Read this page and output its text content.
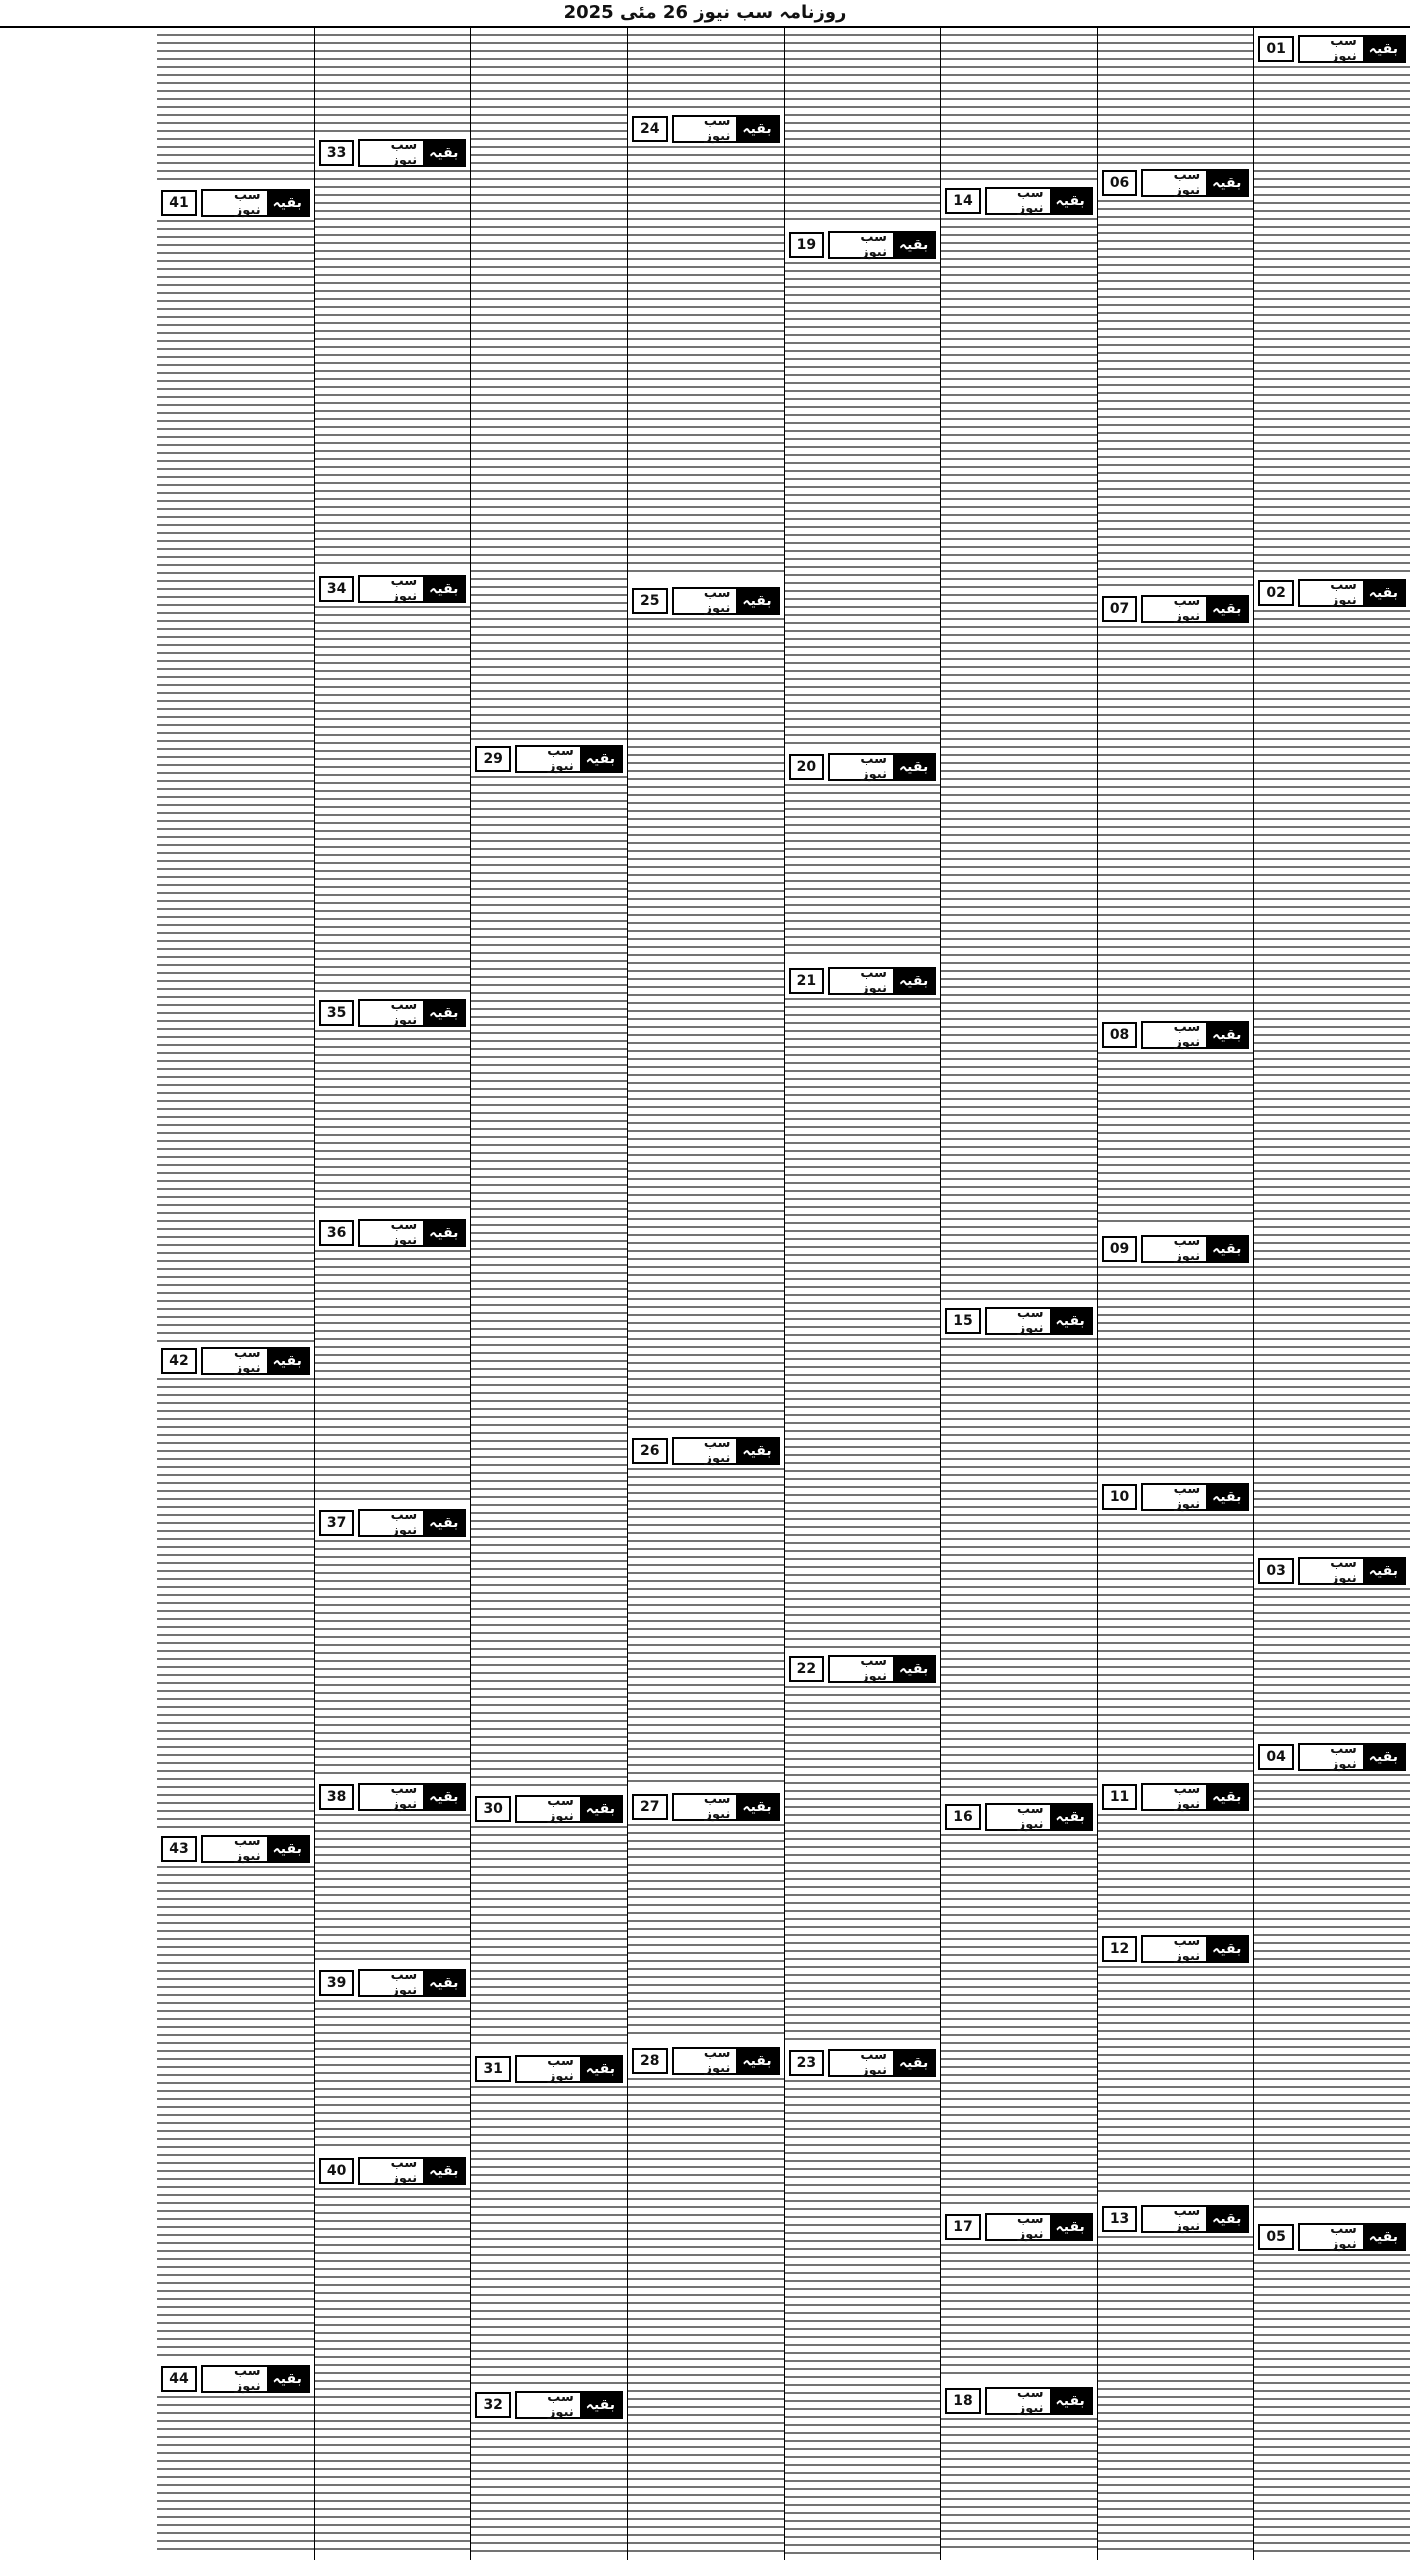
روزنامہ سب نیوز 26 مئی 2025
بقیہ
سب نیوز
01
بقیہ
سب نیوز
02
بقیہ
سب نیوز
03
بقیہ
سب نیوز
04
بقیہ
سب نیوز
05
بقیہ
سب نیوز
06
بقیہ
سب نیوز
07
بقیہ
سب نیوز
08
بقیہ
سب نیوز
09
بقیہ
سب نیوز
10
بقیہ
سب نیوز
11
بقیہ
سب نیوز
12
بقیہ
سب نیوز
13
بقیہ
سب نیوز
14
بقیہ
سب نیوز
15
بقیہ
سب نیوز
16
بقیہ
سب نیوز
17
بقیہ
سب نیوز
18
بقیہ
سب نیوز
19
بقیہ
سب نیوز
20
بقیہ
سب نیوز
21
بقیہ
سب نیوز
22
بقیہ
سب نیوز
23
بقیہ
سب نیوز
24
بقیہ
سب نیوز
25
بقیہ
سب نیوز
26
بقیہ
سب نیوز
27
بقیہ
سب نیوز
28
بقیہ
سب نیوز
29
بقیہ
سب نیوز
30
بقیہ
سب نیوز
31
بقیہ
سب نیوز
32
بقیہ
سب نیوز
33
بقیہ
سب نیوز
34
بقیہ
سب نیوز
35
بقیہ
سب نیوز
36
بقیہ
سب نیوز
37
بقیہ
سب نیوز
38
بقیہ
سب نیوز
39
بقیہ
سب نیوز
40
بقیہ
سب نیوز
41
بقیہ
سب نیوز
42
بقیہ
سب نیوز
43
بقیہ
سب نیوز
44
